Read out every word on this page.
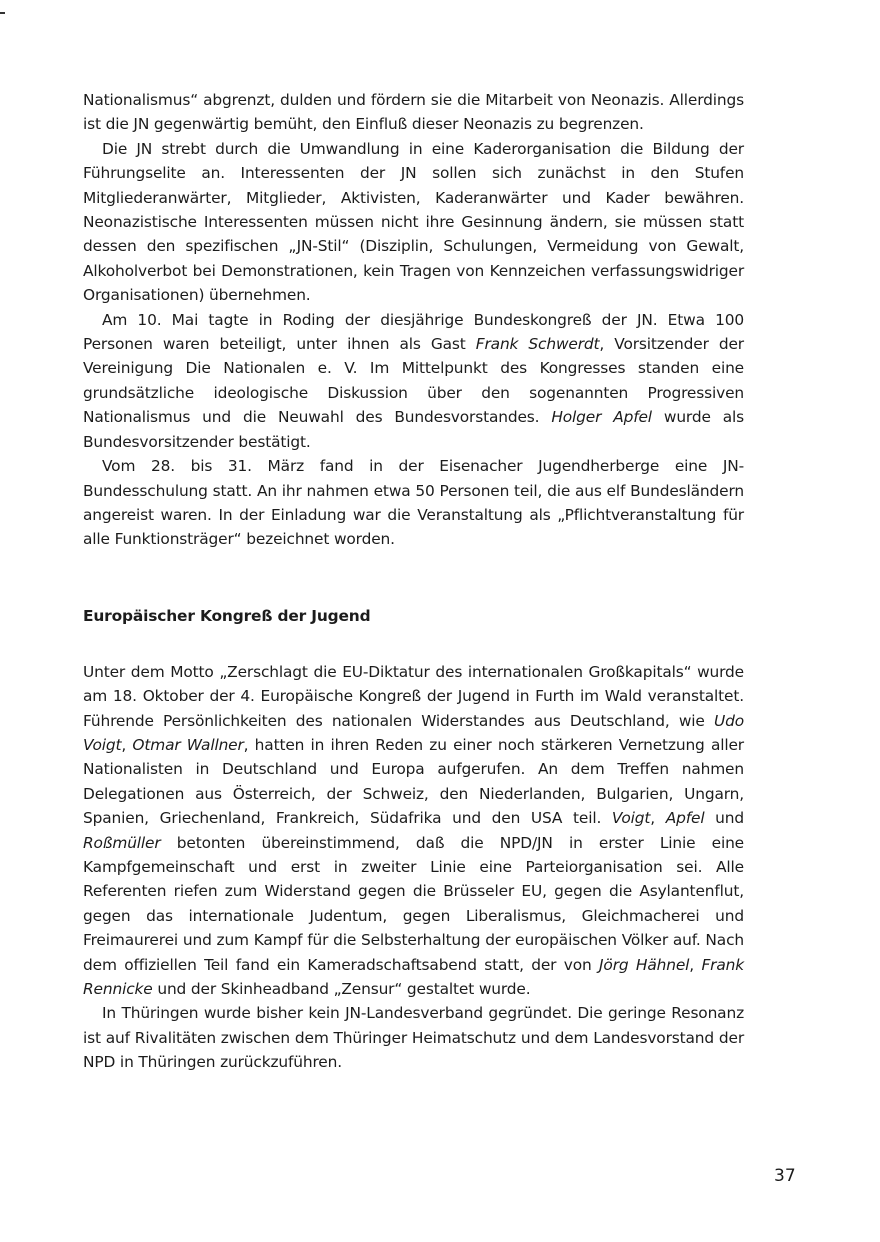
Nationalismus“ abgrenzt, dulden und fördern sie die Mitarbeit von Neonazis. Allerdings ist die JN gegenwärtig bemüht, den Einfluß dieser Neonazis zu begrenzen.

Die JN strebt durch die Umwandlung in eine Kaderorganisation die Bildung der Führungselite an. Interessenten der JN sollen sich zunächst in den Stufen Mitgliederanwärter, Mitglieder, Aktivisten, Kaderanwärter und Kader bewähren. Neonazistische Interessenten müssen nicht ihre Gesinnung ändern, sie müssen statt dessen den spezifischen „JN-Stil“ (Disziplin, Schulungen, Vermeidung von Gewalt, Alkoholverbot bei Demonstrationen, kein Tragen von Kennzeichen verfassungswidriger Organisationen) übernehmen.

Am 10. Mai tagte in Roding der diesjährige Bundeskongreß der JN. Etwa 100 Personen waren beteiligt, unter ihnen als Gast Frank Schwerdt, Vorsitzender der Vereinigung Die Nationalen e. V. Im Mittelpunkt des Kongresses standen eine grundsätzliche ideologische Diskussion über den sogenannten Progressiven Nationalismus und die Neuwahl des Bundesvorstandes. Holger Apfel wurde als Bundesvorsitzender bestätigt.

Vom 28. bis 31. März fand in der Eisenacher Jugendherberge eine JN-Bundesschulung statt. An ihr nahmen etwa 50 Personen teil, die aus elf Bundesländern angereist waren. In der Einladung war die Veranstaltung als „Pflichtveranstaltung für alle Funktionsträger“ bezeichnet worden.

Europäischer Kongreß der Jugend

Unter dem Motto „Zerschlagt die EU-Diktatur des internationalen Großkapitals“ wurde am 18. Oktober der 4. Europäische Kongreß der Jugend in Furth im Wald veranstaltet. Führende Persönlichkeiten des nationalen Widerstandes aus Deutschland, wie Udo Voigt, Otmar Wallner, hatten in ihren Reden zu einer noch stärkeren Vernetzung aller Nationalisten in Deutschland und Europa aufgerufen. An dem Treffen nahmen Delegationen aus Österreich, der Schweiz, den Niederlanden, Bulgarien, Ungarn, Spanien, Griechenland, Frankreich, Südafrika und den USA teil. Voigt, Apfel und Roßmüller betonten übereinstimmend, daß die NPD/JN in erster Linie eine Kampfgemeinschaft und erst in zweiter Linie eine Parteiorganisation sei. Alle Referenten riefen zum Widerstand gegen die Brüsseler EU, gegen die Asylantenflut, gegen das internationale Judentum, gegen Liberalismus, Gleichmacherei und Freimaurerei und zum Kampf für die Selbsterhaltung der europäischen Völker auf. Nach dem offiziellen Teil fand ein Kameradschaftsabend statt, der von Jörg Hähnel, Frank Rennicke und der Skinheadband „Zensur“ gestaltet wurde.

In Thüringen wurde bisher kein JN-Landesverband gegründet. Die geringe Resonanz ist auf Rivalitäten zwischen dem Thüringer Heimatschutz und dem Landesvorstand der NPD in Thüringen zurückzuführen.

37
